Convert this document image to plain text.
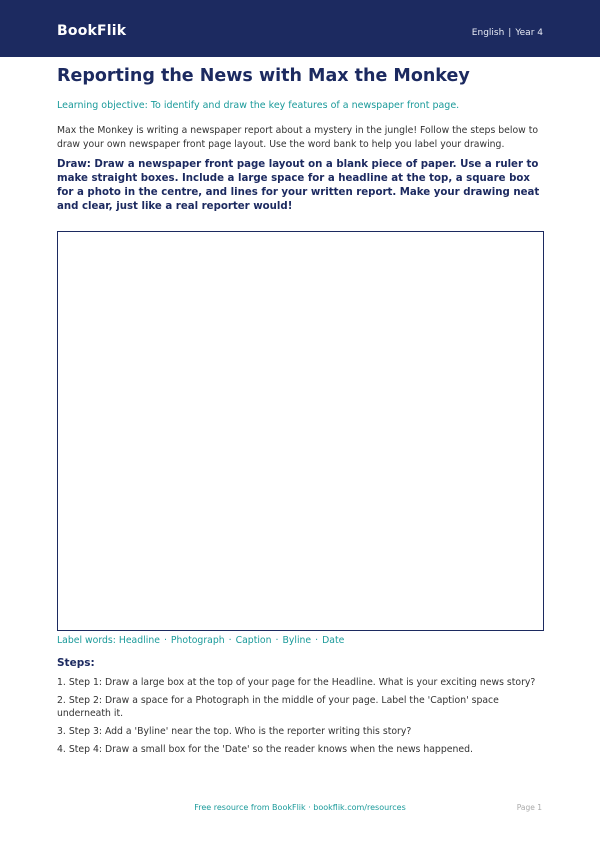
BookFlik	English | Year 4
Reporting the News with Max the Monkey

Learning objective: To identify and draw the key features of a newspaper front page.

Max the Monkey is writing a newspaper report about a mystery in the jungle! Follow the steps below to draw your own newspaper front page layout. Use the word bank to help you label your drawing.

Draw: Draw a newspaper front page layout on a blank piece of paper. Use a ruler to make straight boxes. Include a large space for a headline at the top, a square box for a photo in the centre, and lines for your written report. Make your drawing neat and clear, just like a real reporter would!

Label words: Headline · Photograph · Caption · Byline · Date
Steps:
1. Step 1: Draw a large box at the top of your page for the Headline. What is your exciting news story?
2. Step 2: Draw a space for a Photograph in the middle of your page. Label the 'Caption' space underneath it.
3. Step 3: Add a 'Byline' near the top. Who is the reporter writing this story?
4. Step 4: Draw a small box for the 'Date' so the reader knows when the news happened.
Free resource from BookFlik · bookflik.com/resources	Page 1
